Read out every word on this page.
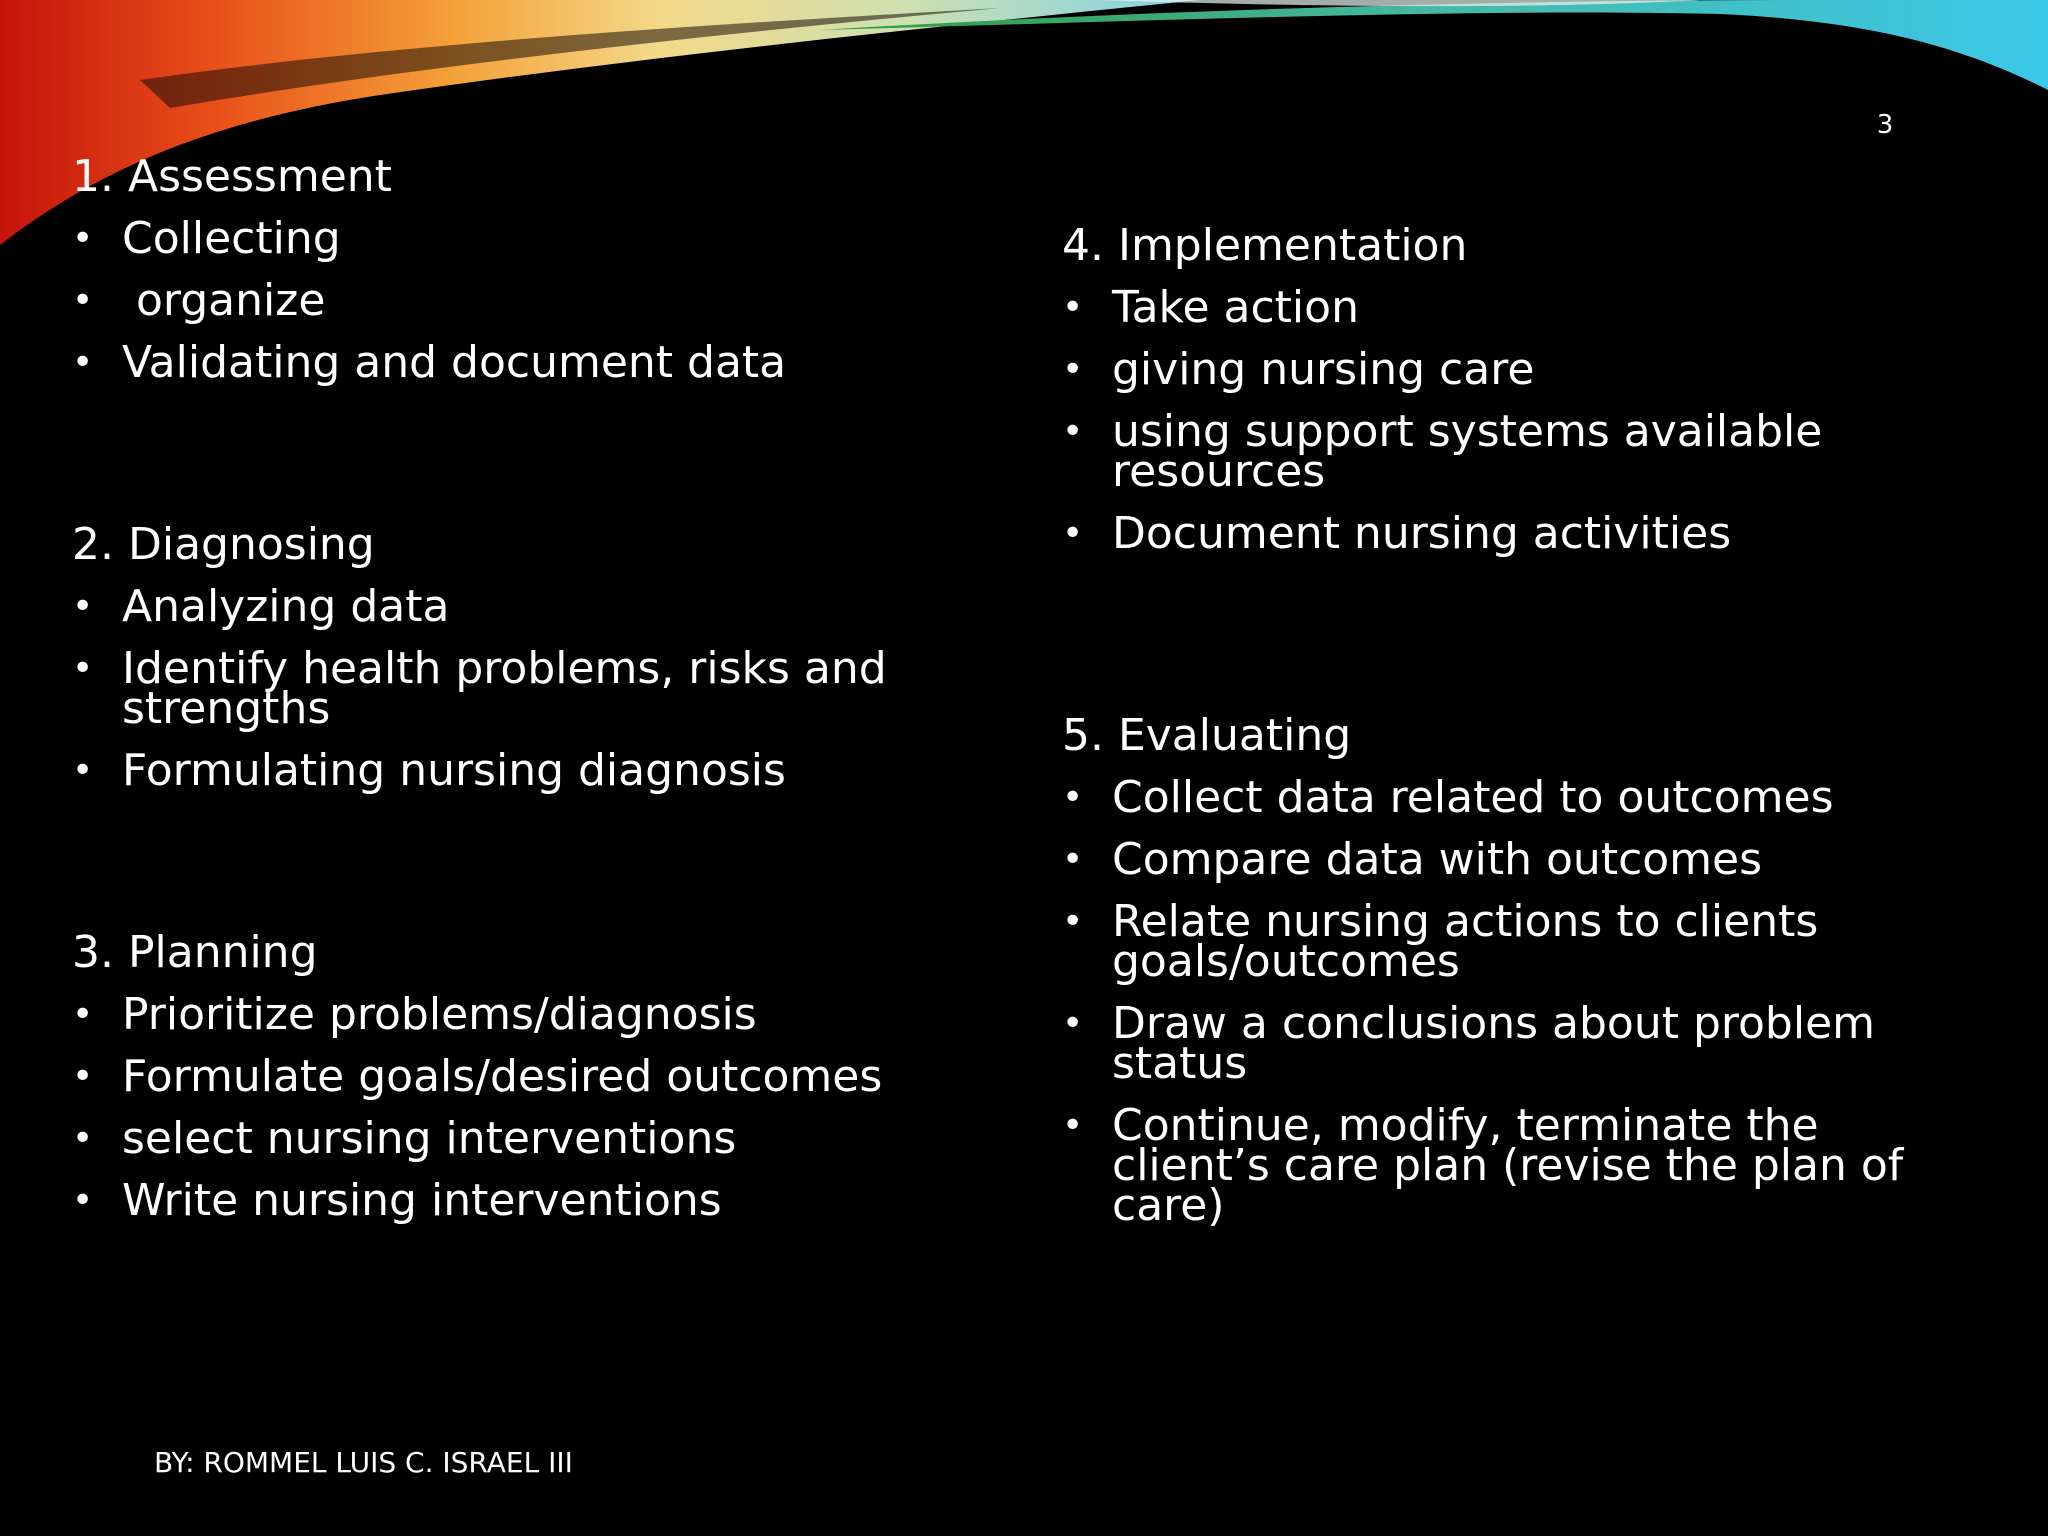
3
1. Assessment
• Collecting
• organize
• Validating and document data
2. Diagnosing
• Analyzing data
• Identify health problems, risks and strengths
• Formulating nursing diagnosis
3. Planning
• Prioritize problems/diagnosis
• Formulate goals/desired outcomes
• select nursing interventions
• Write nursing interventions
4. Implementation
• Take action
• giving nursing care
• using support systems available resources
• Document nursing activities
5. Evaluating
• Collect data related to outcomes
• Compare data with outcomes
• Relate nursing actions to clients goals/outcomes
• Draw a conclusions about problem status
• Continue, modify, terminate the client’s care plan (revise the plan of care)
BY: ROMMEL LUIS C. ISRAEL III
